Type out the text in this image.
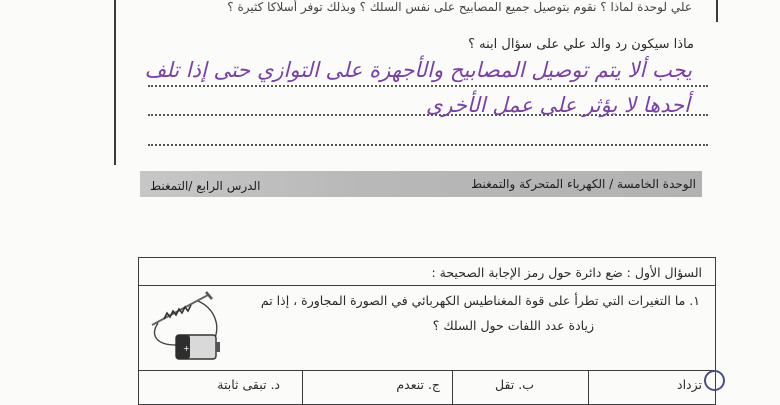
علي لوحدة لماذا ؟ نقوم بتوصيل جميع المصابيح على نفس السلك ؟ وبذلك توفر أسلاكا كثيرة ؟
ماذا سيكون رد والد علي على سؤال ابنه ؟
يجب ألا يتم توصيل المصابيح والأجهزة على التوازي حتى إذا تلف
أحدها لا يؤثر على عمل الأخرى
الوحدة الخامسة / الكهرباء المتحركة والتمغنط
الدرس الرابع /التمغنط
السؤال الأول : ضع دائرة حول رمز الإجابة الصحيحة :
١. ما التغيرات التي تطرأ على قوة المغناطيس الكهربائي في الصورة المجاورة ، إذا تم
زيادة عدد اللفات حول السلك ؟
+
تزداد
ب. تقل
ج. تنعدم
د. تبقى ثابتة
